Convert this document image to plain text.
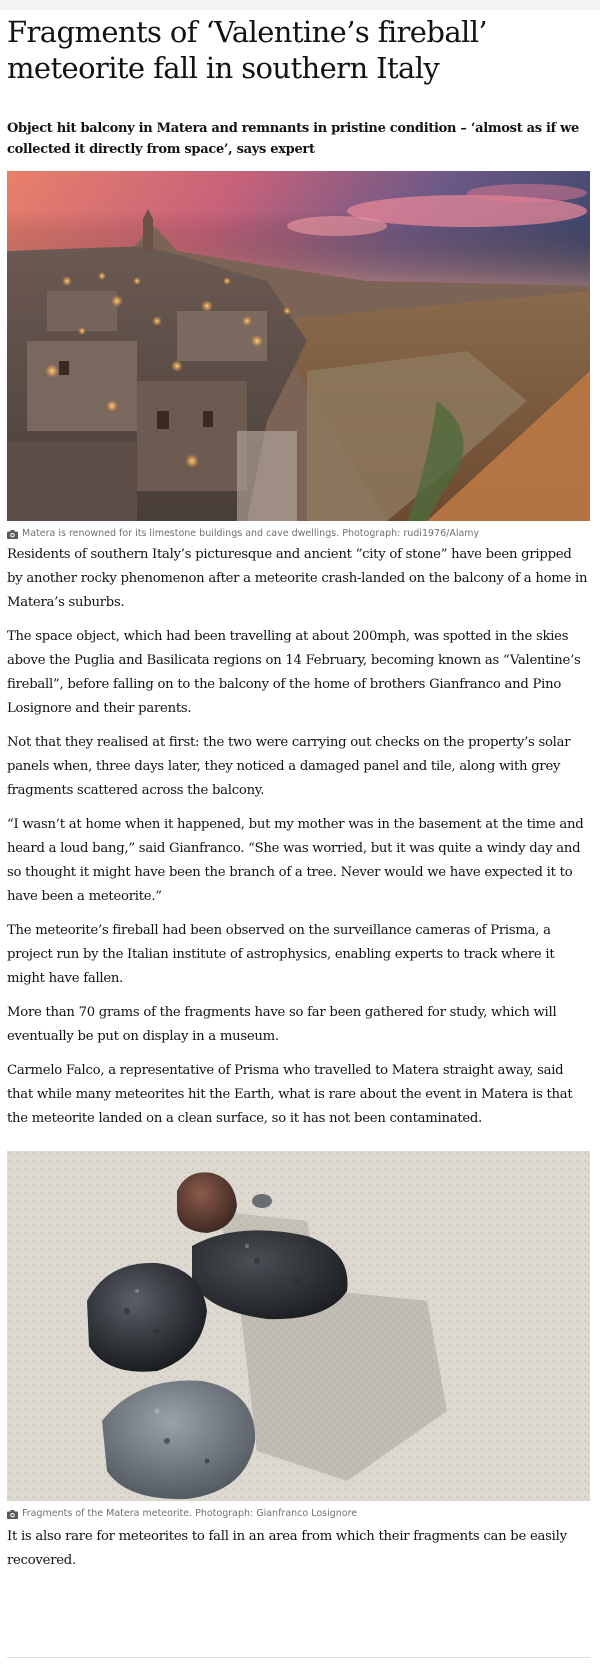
Fragments of ‘Valentine’s fireball’ meteorite fall in southern Italy

Object hit balcony in Matera and remnants in pristine condition – ‘almost as if we collected it directly from space’, says expert

Matera is renowned for its limestone buildings and cave dwellings. Photograph: rudi1976/Alamy

Residents of southern Italy’s picturesque and ancient “city of stone” have been gripped by another rocky phenomenon after a meteorite crash-landed on the balcony of a home in Matera’s suburbs.

The space object, which had been travelling at about 200mph, was spotted in the skies above the Puglia and Basilicata regions on 14 February, becoming known as “Valentine’s fireball”, before falling on to the balcony of the home of brothers Gianfranco and Pino Losignore and their parents.

Not that they realised at first: the two were carrying out checks on the property’s solar panels when, three days later, they noticed a damaged panel and tile, along with grey fragments scattered across the balcony.

“I wasn’t at home when it happened, but my mother was in the basement at the time and heard a loud bang,” said Gianfranco. “She was worried, but it was quite a windy day and so thought it might have been the branch of a tree. Never would we have expected it to have been a meteorite.”

The meteorite’s fireball had been observed on the surveillance cameras of Prisma, a project run by the Italian institute of astrophysics, enabling experts to track where it might have fallen.

More than 70 grams of the fragments have so far been gathered for study, which will eventually be put on display in a museum.

Carmelo Falco, a representative of Prisma who travelled to Matera straight away, said that while many meteorites hit the Earth, what is rare about the event in Matera is that the meteorite landed on a clean surface, so it has not been contaminated.

Fragments of the Matera meteorite. Photograph: Gianfranco Losignore

It is also rare for meteorites to fall in an area from which their fragments can be easily recovered.
